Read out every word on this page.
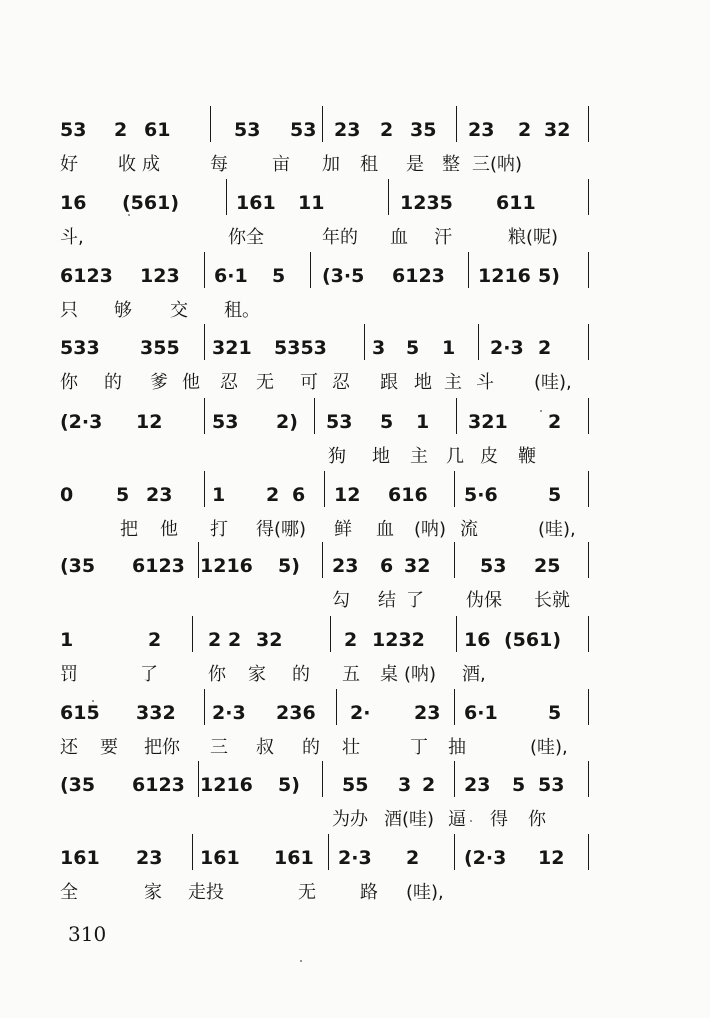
53 2 61	53 53 23 2 35 23 2 32
好 收 成	每 亩 加 租 是 整 三(呐)
16 (561)	161 11	1235 611
斗,	你全	年的 血 汗	粮(呢)
6123 123 6·1 5 (3·5 6123 1216 5)
只 够 交 租。
533 355 321 5353 3 5 1 2·3 2
你 的 爹 他 忍 无 可 忍 跟 地 主 斗 (哇),
(2·3 12	53 2) 53 5 1 321 2
狗 地 主 几 皮 鞭
0 5 23 1 2 6 12 616 5·6	5
把 他 打 得(哪) 鲜 血 (呐) 流	(哇),
(35 6123 1216 5) 23 6 32	53 25
勾 结 了 伪保 长就
1	2 2 2 32	2 1232 16 (561)
罚	了	你 家 的 五 桌 (呐) 酒,
615 332 2·3 236 2· 23 6·1	5
还 要 把你 三 叔 的 壮	丁 抽	(哇),
(35 6123 1216 5) 55 3 2 23 5 53
为办 酒(哇) 逼 得 你
161 23 161 161 2·3 2 (2·3 12
全	家 走投	无 路 (哇),
310
